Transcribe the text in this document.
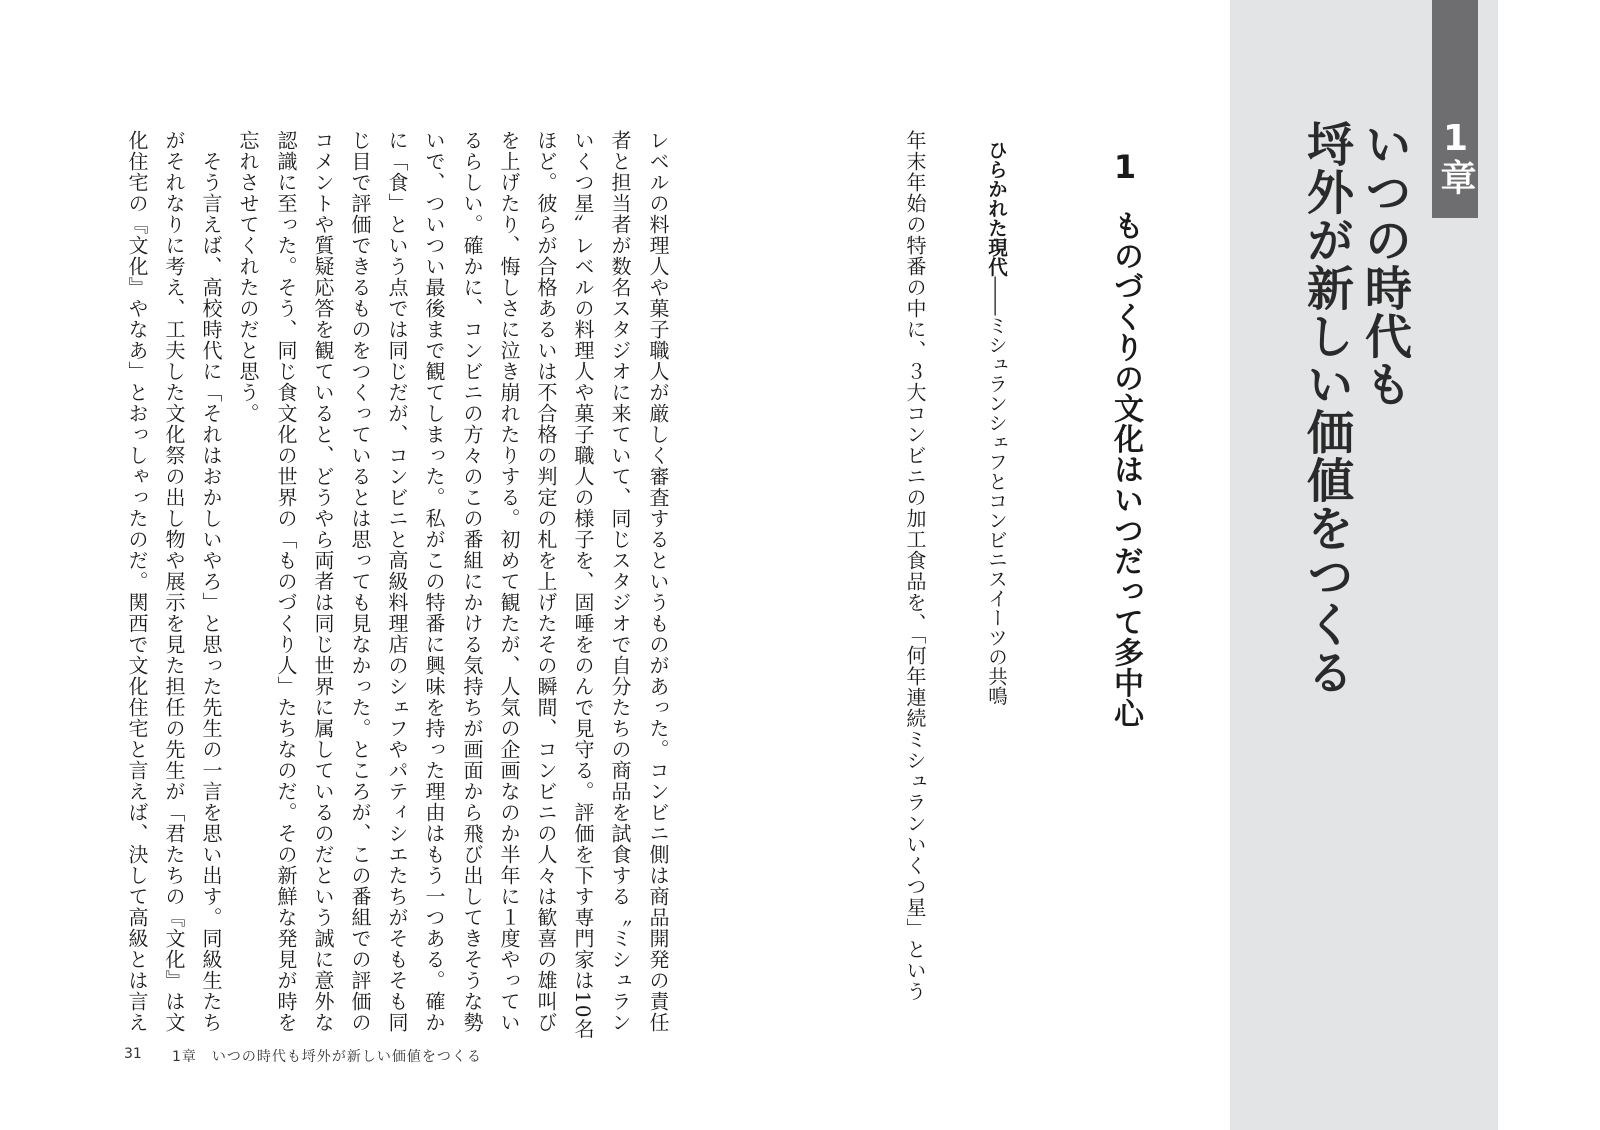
1章
いつの時代も
埒外が新しい価値をつくる
1
ものづくりの文化はいつだって多中心
ひらかれた現代――ミシュランシェフとコンビニスイーツの共鳴
年末年始の特番の中に、３大コンビニの加工食品を、「何年連続ミシュランいくつ星」という
レベルの料理人や菓子職人が厳しく審査するというものがあった。コンビニ側は商品開発の責任
者と担当者が数名スタジオに来ていて、同じスタジオで自分たちの商品を試食する〝ミシュラン
いくつ星〟レベルの料理人や菓子職人の様子を、固唾をのんで見守る。評価を下す専門家は10名
ほど。彼らが合格あるいは不合格の判定の札を上げたその瞬間、コンビニの人々は歓喜の雄叫び
を上げたり、悔しさに泣き崩れたりする。初めて観たが、人気の企画なのか半年に１度やってい
るらしい。確かに、コンビニの方々のこの番組にかける気持ちが画面から飛び出してきそうな勢
いで、ついつい最後まで観てしまった。私がこの特番に興味を持った理由はもう一つある。確か
に「食」という点では同じだが、コンビニと高級料理店のシェフやパティシエたちがそもそも同
じ目で評価できるものをつくっているとは思っても見なかった。ところが、この番組での評価の
コメントや質疑応答を観ていると、どうやら両者は同じ世界に属しているのだという誠に意外な
認識に至った。そう、同じ食文化の世界の「ものづくり人」たちなのだ。その新鮮な発見が時を
忘れさせてくれたのだと思う。
　そう言えば、高校時代に「それはおかしいやろ」と思った先生の一言を思い出す。同級生たち
がそれなりに考え、工夫した文化祭の出し物や展示を見た担任の先生が「君たちの『文化』は文
化住宅の『文化』やなあ」とおっしゃったのだ。関西で文化住宅と言えば、決して高級とは言え
31 1章　いつの時代も埒外が新しい価値をつくる
